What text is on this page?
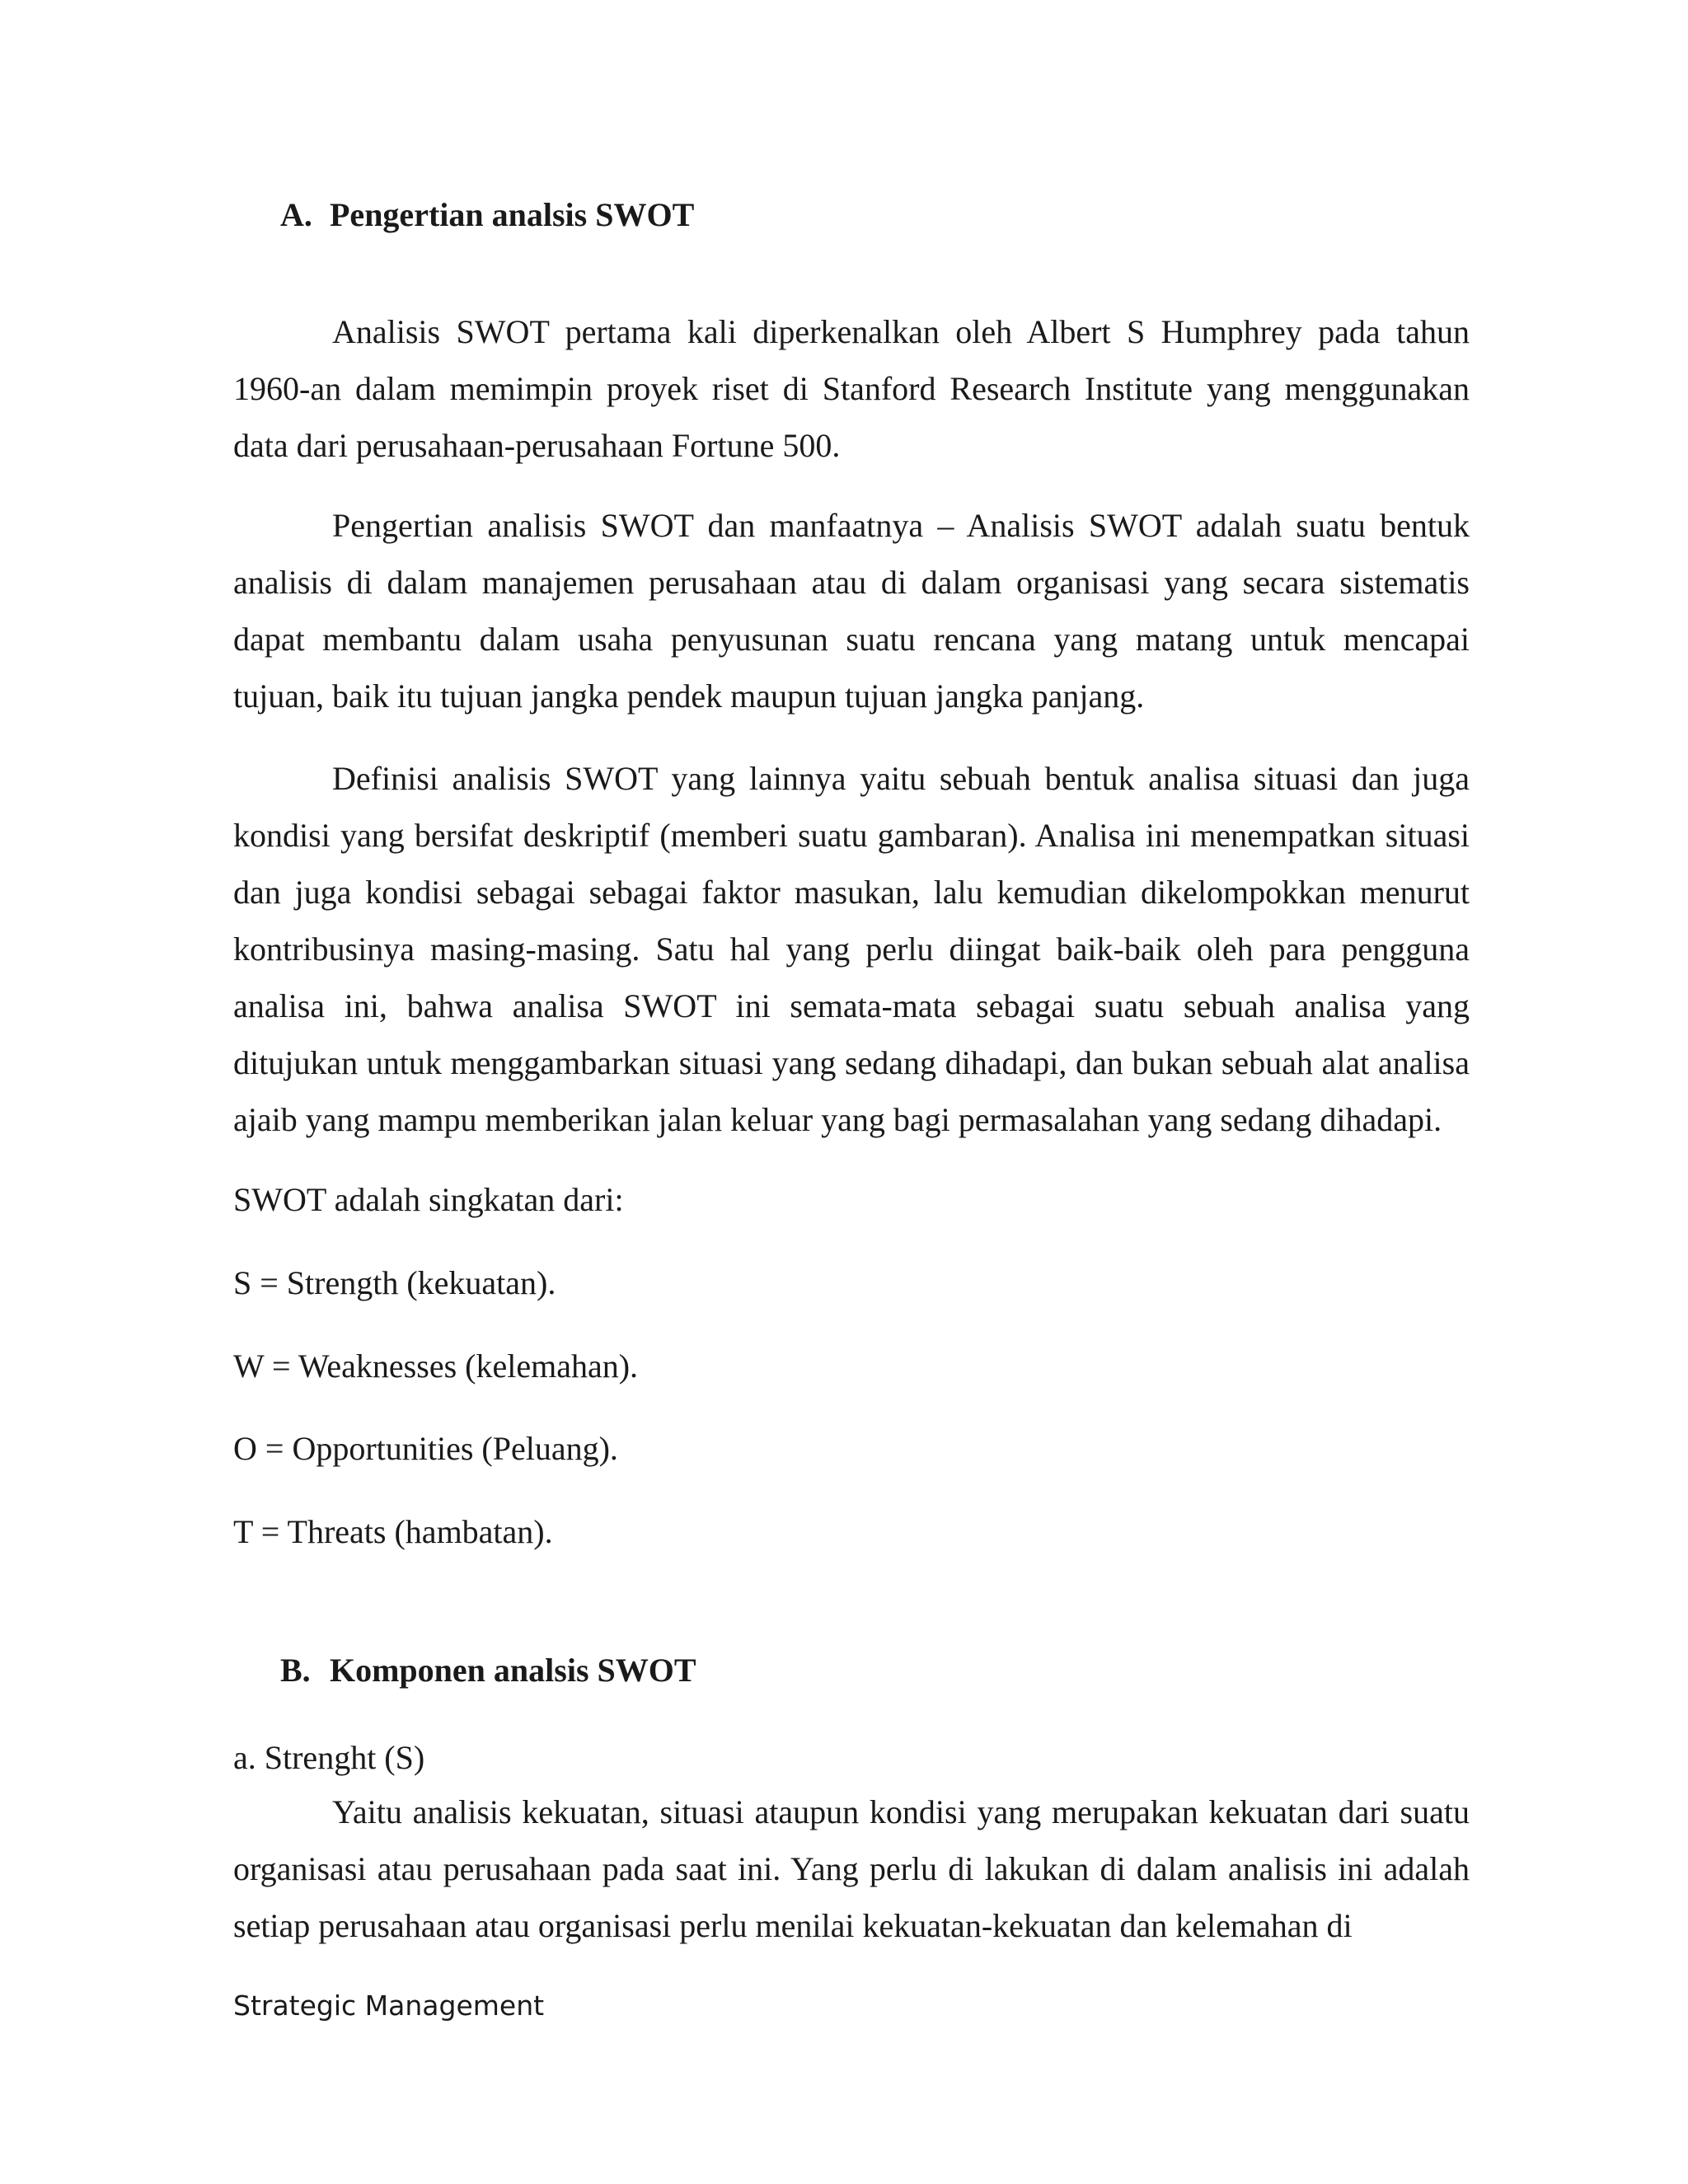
A. Pengertian analsis SWOT

Analisis SWOT pertama kali diperkenalkan oleh Albert S Humphrey pada tahun 1960-an dalam memimpin proyek riset di Stanford Research Institute yang menggunakan data dari perusahaan-perusahaan Fortune 500.

Pengertian analisis SWOT dan manfaatnya – Analisis SWOT adalah suatu bentuk analisis di dalam manajemen perusahaan atau di dalam organisasi yang secara sistematis dapat membantu dalam usaha penyusunan suatu rencana yang matang untuk mencapai tujuan, baik itu tujuan jangka pendek maupun tujuan jangka panjang.

Definisi analisis SWOT yang lainnya yaitu sebuah bentuk analisa situasi dan juga kondisi yang bersifat deskriptif (memberi suatu gambaran). Analisa ini menempatkan situasi dan juga kondisi sebagai sebagai faktor masukan, lalu kemudian dikelompokkan menurut kontribusinya masing-masing. Satu hal yang perlu diingat baik-baik oleh para pengguna analisa ini, bahwa analisa SWOT ini semata-mata sebagai suatu sebuah analisa yang ditujukan untuk menggambarkan situasi yang sedang dihadapi, dan bukan sebuah alat analisa ajaib yang mampu memberikan jalan keluar yang bagi permasalahan yang sedang dihadapi.

SWOT adalah singkatan dari:

S = Strength (kekuatan).

W = Weaknesses (kelemahan).

O = Opportunities (Peluang).

T = Threats (hambatan).

B. Komponen analsis SWOT

a. Strenght (S)

Yaitu analisis kekuatan, situasi ataupun kondisi yang merupakan kekuatan dari suatu organisasi atau perusahaan pada saat ini. Yang perlu di lakukan di dalam analisis ini adalah setiap perusahaan atau organisasi perlu menilai kekuatan-kekuatan dan kelemahan di

Strategic Management
